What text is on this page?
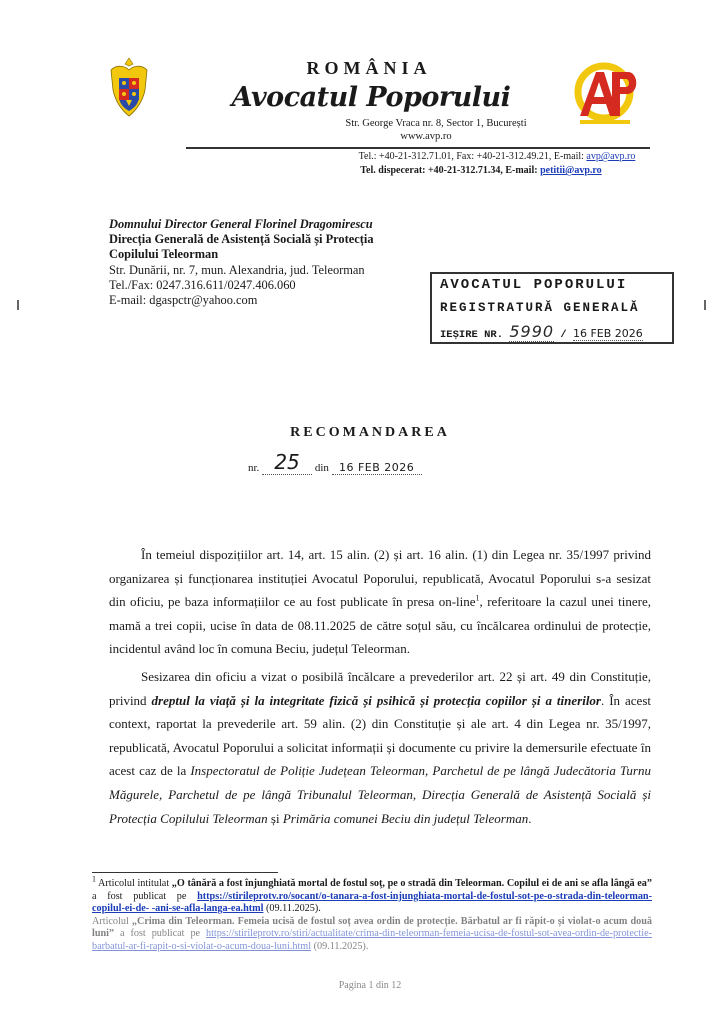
ROMÂNIA
Avocatul Poporului
Str. George Vraca nr. 8, Sector 1, București
www.avp.ro
Tel.: +40-21-312.71.01, Fax: +40-21-312.49.21, E-mail: avp@avp.ro
Tel. dispecerat: +40-21-312.71.34, E-mail: petitii@avp.ro
Domnului Director General Florinel Dragomirescu
Direcția Generală de Asistență Socială și Protecția
Copilului Teleorman
Str. Dunării, nr. 7, mun. Alexandria, jud. Teleorman
Tel./Fax: 0247.316.611/0247.406.060
E-mail: dgaspctr@yahoo.com
AVOCATUL POPORULUI
REGISTRATURĂ GENERALĂ
IEȘIRE NR. 5990 / 16 FEB 2026
RECOMANDAREA
nr. 25 din 16 FEB 2026

În temeiul dispozițiilor art. 14, art. 15 alin. (2) și art. 16 alin. (1) din Legea nr. 35/1997 privind organizarea și funcționarea instituției Avocatul Poporului, republicată, Avocatul Poporului s-a sesizat din oficiu, pe baza informațiilor ce au fost publicate în presa on-line$^1$, referitoare la cazul unei tinere, mamă a trei copii, ucise în data de 08.11.2025 de către soțul său, cu încălcarea ordinului de protecție, incidentul având loc în comuna Beciu, județul Teleorman.

Sesizarea din oficiu a vizat o posibilă încălcare a prevederilor art. 22 și art. 49 din Constituție, privind dreptul la viață și la integritate fizică și psihică și protecția copiilor și a tinerilor. În acest context, raportat la prevederile art. 59 alin. (2) din Constituție și ale art. 4 din Legea nr. 35/1997, republicată, Avocatul Poporului a solicitat informații și documente cu privire la demersurile efectuate în acest caz de la Inspectoratul de Poliție Județean Teleorman, Parchetul de pe lângă Judecătoria Turnu Măgurele, Parchetul de pe lângă Tribunalul Teleorman, Direcția Generală de Asistență Socială și Protecția Copilului Teleorman și Primăria comunei Beciu din județul Teleorman.

$^1$ Articolul intitulat „O tânără a fost înjunghiată mortal de fostul soț, pe o stradă din Teleorman. Copilul ei de ani se afla lângă ea” a fost publicat pe https://stirileprotv.ro/socant/o-tanara-a-fost-injunghiata-mortal-de-fostul-sot-pe-o-strada-din-teleorman-copilul-ei-de- -ani-se-afla-langa-ea.html (09.11.2025).

Articolul „Crima din Teleorman. Femeia ucisă de fostul soț avea ordin de protecție. Bărbatul ar fi răpit-o și violat-o acum două luni” a fost publicat pe https://stirileprotv.ro/stiri/actualitate/crima-din-teleorman-femeia-ucisa-de-fostul-sot-avea-ordin-de-protectie-barbatul-ar-fi-rapit-o-si-violat-o-acum-doua-luni.html (09.11.2025).

Pagina 1 din 12
